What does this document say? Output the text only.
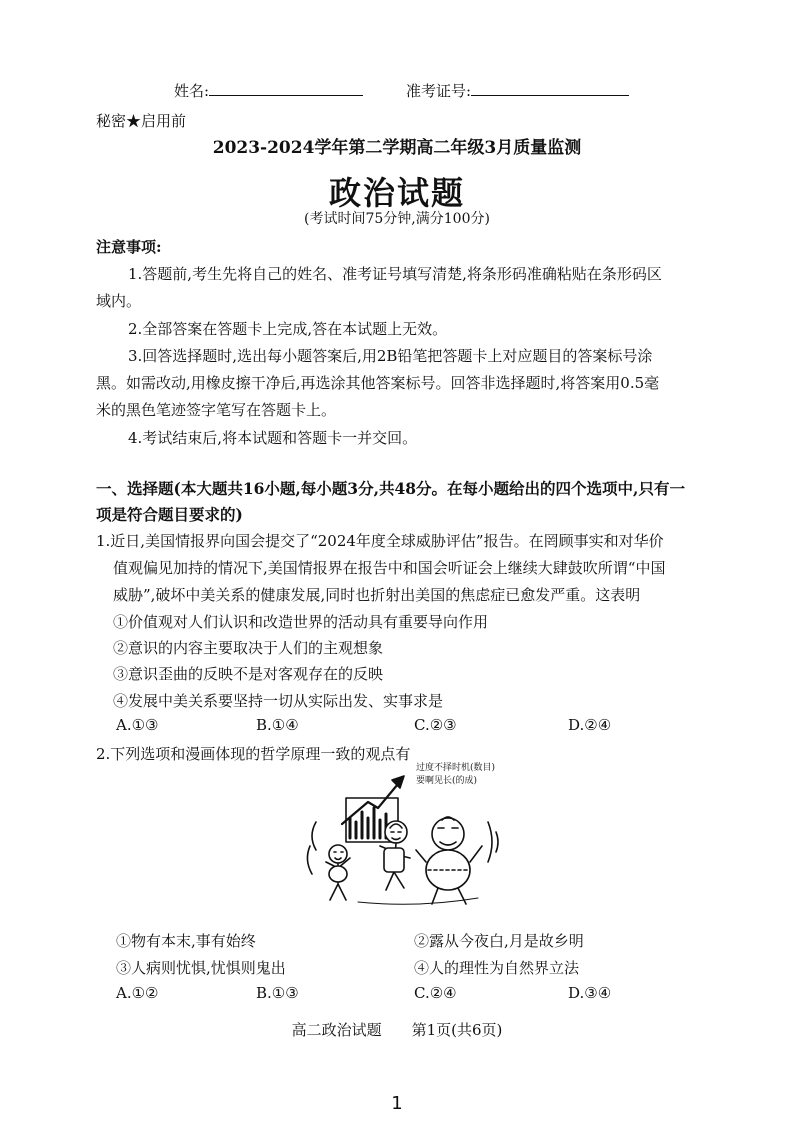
姓名:	准考证号:
秘密★启用前
2023-2024学年第二学期高二年级3月质量监测
政治试题
(考试时间75分钟,满分100分)
注意事项:
1.答题前,考生先将自己的姓名、准考证号填写清楚,将条形码准确粘贴在条形码区
域内。
2.全部答案在答题卡上完成,答在本试题上无效。
3.回答选择题时,选出每小题答案后,用2B铅笔把答题卡上对应题目的答案标号涂
黑。如需改动,用橡皮擦干净后,再选涂其他答案标号。回答非选择题时,将答案用0.5毫
米的黑色笔迹签字笔写在答题卡上。
4.考试结束后,将本试题和答题卡一并交回。
一、选择题(本大题共16小题,每小题3分,共48分。在每小题给出的四个选项中,只有一
项是符合题目要求的)
1.近日,美国情报界向国会提交了“2024年度全球威胁评估”报告。在罔顾事实和对华价
值观偏见加持的情况下,美国情报界在报告中和国会听证会上继续大肆鼓吹所谓“中国
威胁”,破坏中美关系的健康发展,同时也折射出美国的焦虑症已愈发严重。这表明
①价值观对人们认识和改造世界的活动具有重要导向作用
②意识的内容主要取决于人们的主观想象
③意识歪曲的反映不是对客观存在的反映
④发展中美关系要坚持一切从实际出发、实事求是
A.①③	B.①④	C.②③	D.②④
2.下列选项和漫画体现的哲学原理一致的观点有
过度不择时机(数目)
要啊见长(的成)
①物有本末,事有始终	②露从今夜白,月是故乡明
③人病则忧惧,忧惧则鬼出	④人的理性为自然界立法
A.①②	B.①③	C.②④	D.③④
高二政治试题　　第1页(共6页)
1
